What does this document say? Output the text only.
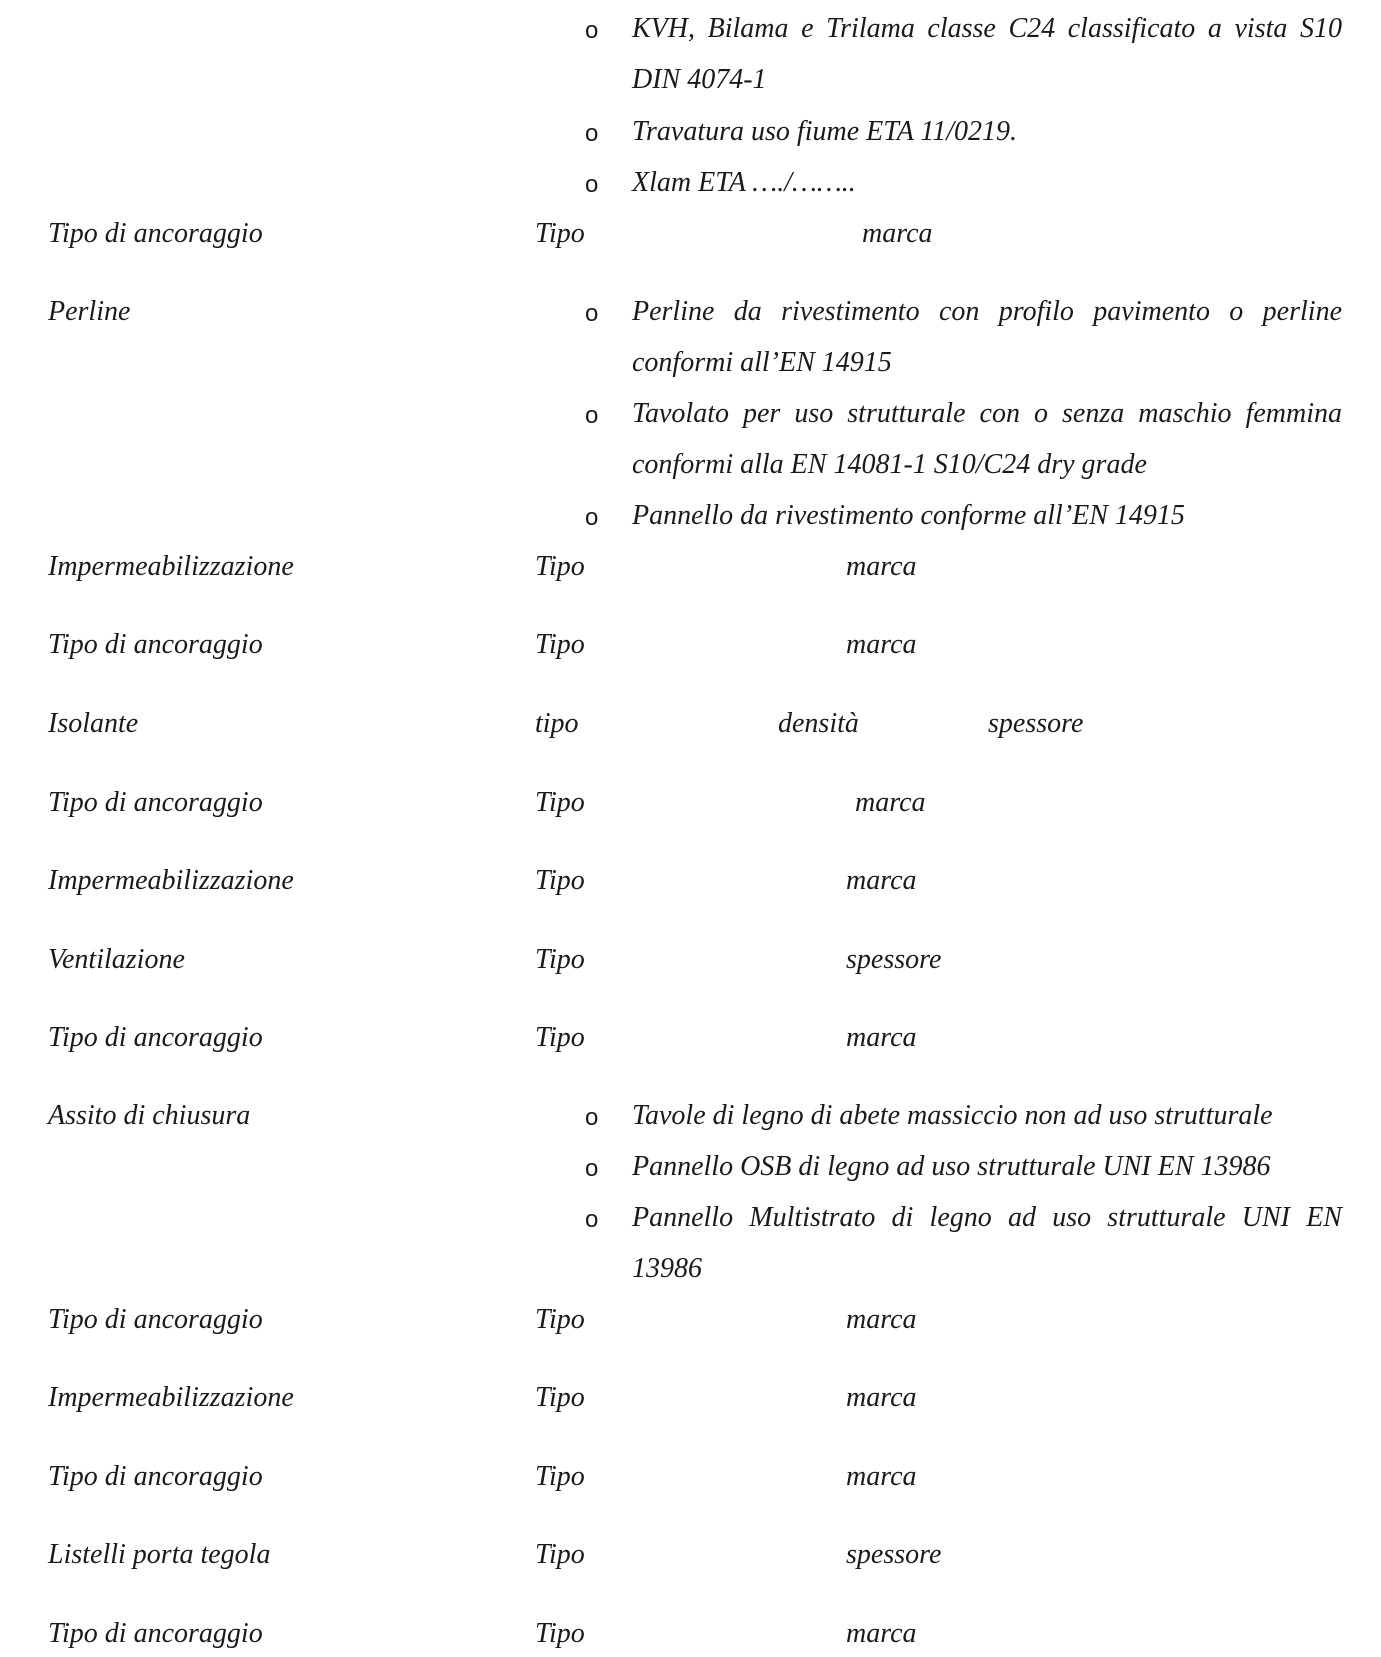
o KVH, Bilama e Trilama classe C24 classificato a vista S10
DIN 4074-1
o Travatura uso fiume ETA 11/0219.
o Xlam ETA …./……..
Tipo di ancoraggio	Tipo	marca
Perline	o Perline da rivestimento con profilo pavimento o perline
conformi all’EN 14915
o Tavolato per uso strutturale con o senza maschio femmina
conformi alla EN 14081-1 S10/C24 dry grade
o Pannello da rivestimento conforme all’EN 14915
Impermeabilizzazione	Tipo	marca
Tipo di ancoraggio	Tipo	marca
Isolante	tipo	densità	spessore
Tipo di ancoraggio	Tipo	marca
Impermeabilizzazione	Tipo	marca
Ventilazione	Tipo	spessore
Tipo di ancoraggio	Tipo	marca
Assito di chiusura	o Tavole di legno di abete massiccio non ad uso strutturale
o Pannello OSB di legno ad uso strutturale UNI EN 13986
o Pannello Multistrato di legno ad uso strutturale UNI EN
13986
Tipo di ancoraggio	Tipo	marca
Impermeabilizzazione	Tipo	marca
Tipo di ancoraggio	Tipo	marca
Listelli porta tegola	Tipo	spessore
Tipo di ancoraggio	Tipo	marca
